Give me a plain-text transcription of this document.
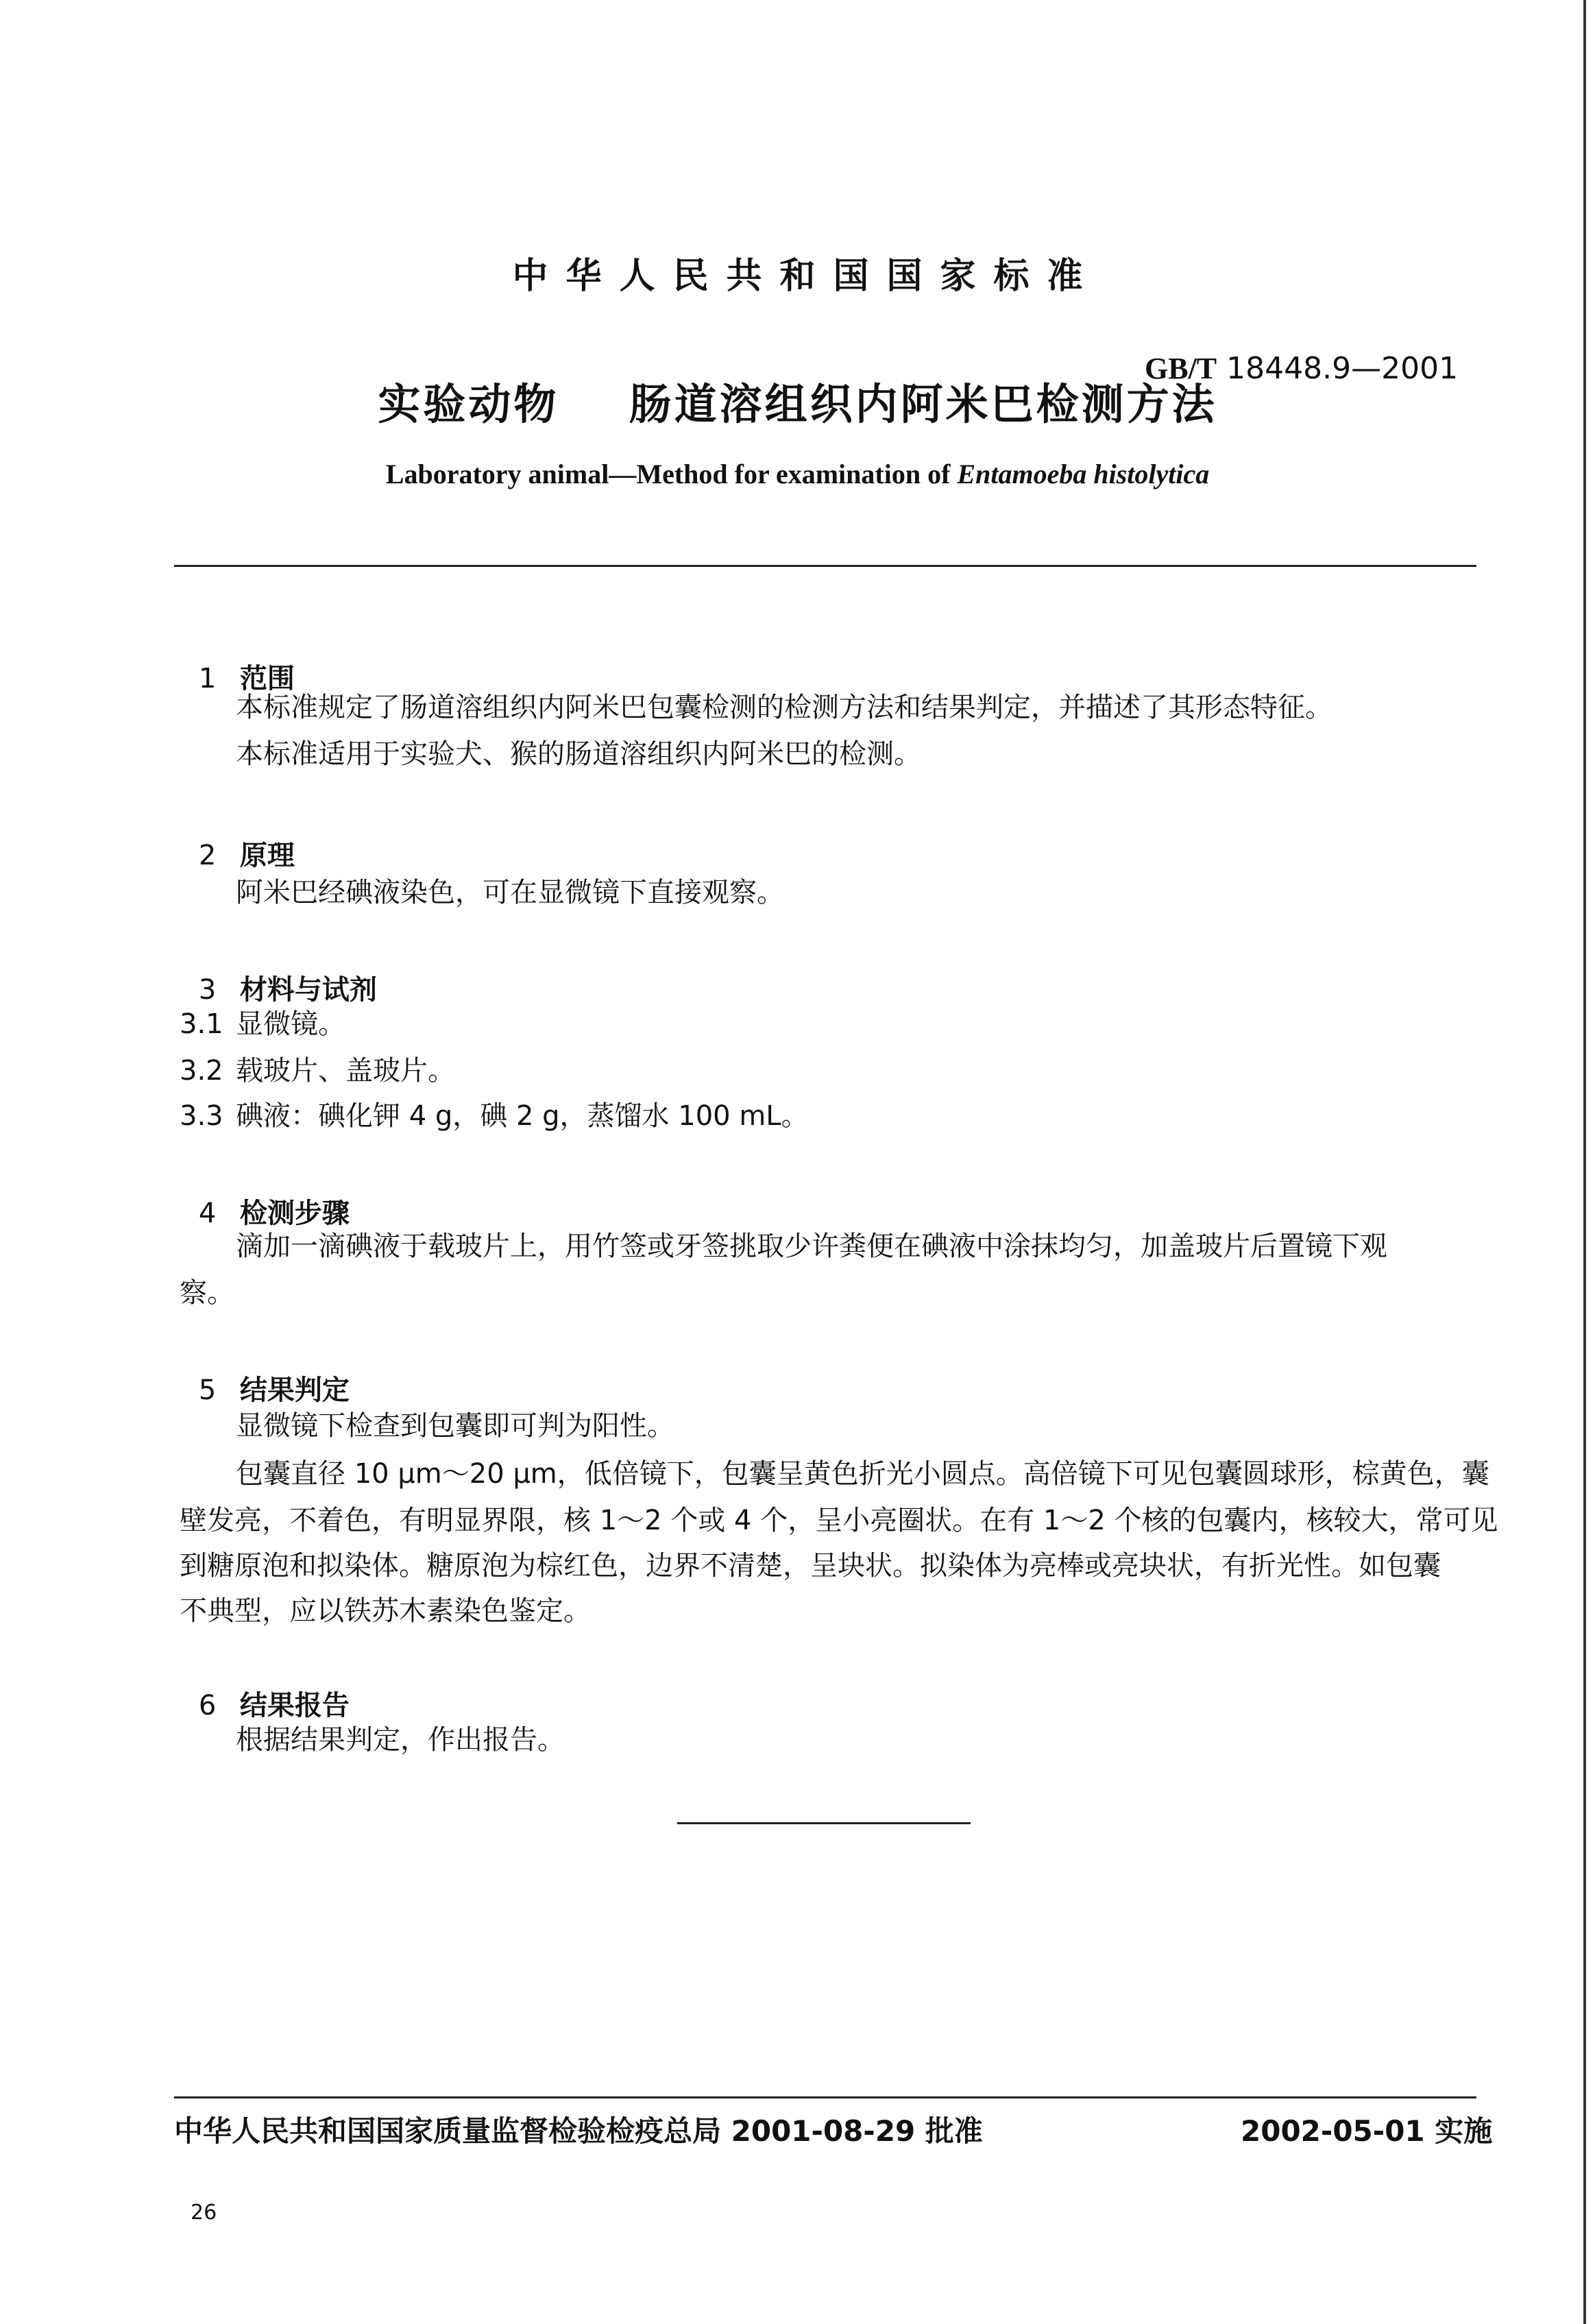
中华人民共和国国家标准
GB/T 18448.9—2001
实验动物    肠道溶组织内阿米巴检测方法
Laboratory animal—Method for examination of Entamoeba histolytica

1 范围

本标准规定了肠道溶组织内阿米巴包囊检测的检测方法和结果判定，并描述了其形态特征。
本标准适用于实验犬、猴的肠道溶组织内阿米巴的检测。

2 原理

阿米巴经碘液染色，可在显微镜下直接观察。

3 材料与试剂

3.1 显微镜。
3.2 载玻片、盖玻片。
3.3 碘液：碘化钾 4 g，碘 2 g，蒸馏水 100 mL。

4 检测步骤

滴加一滴碘液于载玻片上，用竹签或牙签挑取少许粪便在碘液中涂抹均匀，加盖玻片后置镜下观
察。

5 结果判定

显微镜下检查到包囊即可判为阳性。
包囊直径 10 μm～20 μm，低倍镜下，包囊呈黄色折光小圆点。高倍镜下可见包囊圆球形，棕黄色，囊
壁发亮，不着色，有明显界限，核 1～2 个或 4 个，呈小亮圈状。在有 1～2 个核的包囊内，核较大，常可见
到糖原泡和拟染体。糖原泡为棕红色，边界不清楚，呈块状。拟染体为亮棒或亮块状，有折光性。如包囊
不典型，应以铁苏木素染色鉴定。

6 结果报告

根据结果判定，作出报告。
中华人民共和国国家质量监督检验检疫总局 2001-08-29 批准	2002-05-01 实施
26
